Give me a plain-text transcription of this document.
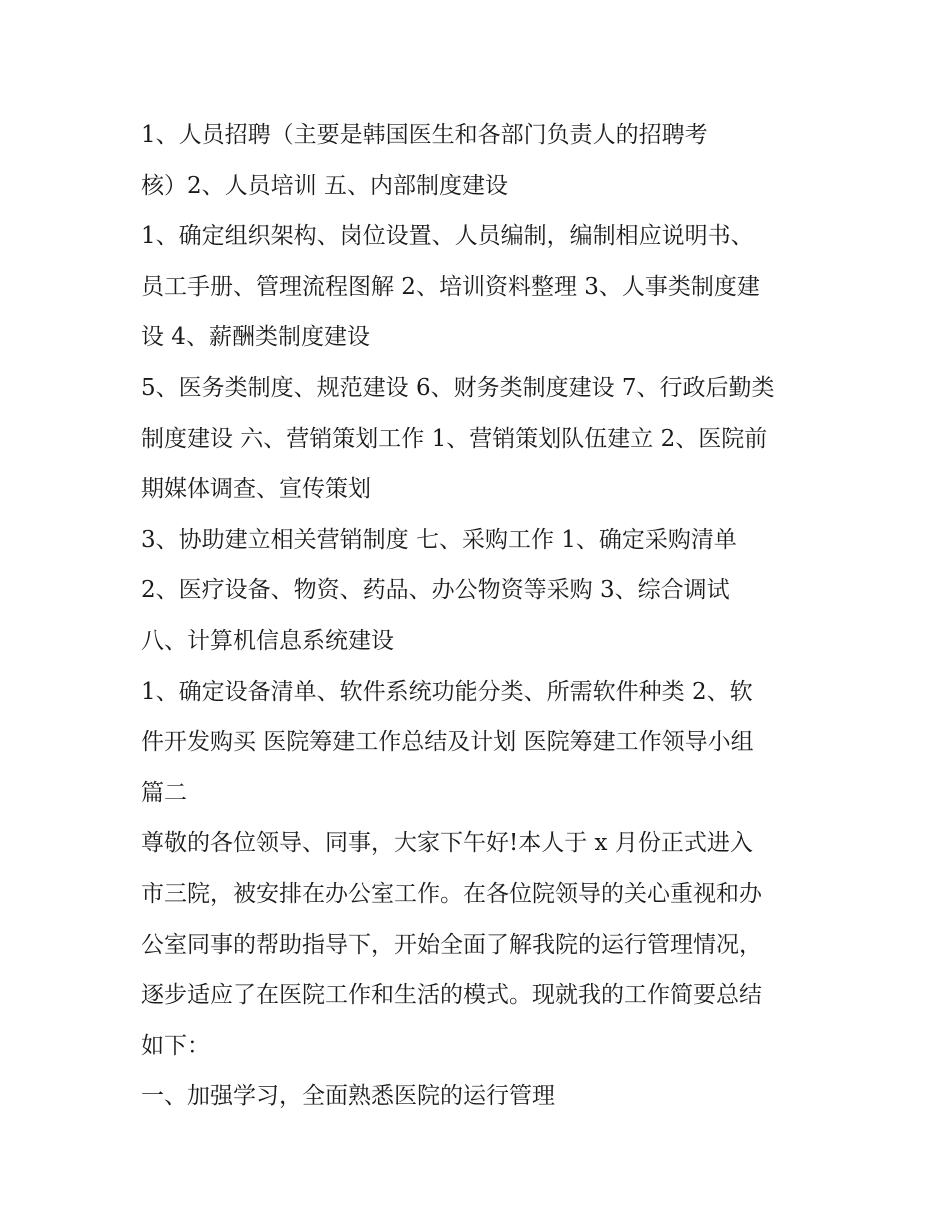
1、人员招聘（主要是韩国医生和各部门负责人的招聘考
核）2、人员培训 五、内部制度建设
1、确定组织架构、岗位设置、人员编制，编制相应说明书、
员工手册、管理流程图解 2、培训资料整理 3、人事类制度建
设 4、薪酬类制度建设
5、医务类制度、规范建设 6、财务类制度建设 7、行政后勤类
制度建设 六、营销策划工作 1、营销策划队伍建立 2、医院前
期媒体调查、宣传策划
3、协助建立相关营销制度 七、采购工作 1、确定采购清单
2、医疗设备、物资、药品、办公物资等采购 3、综合调试
八、计算机信息系统建设
1、确定设备清单、软件系统功能分类、所需软件种类 2、软
件开发购买 医院筹建工作总结及计划 医院筹建工作领导小组
篇二
尊敬的各位领导、同事，大家下午好!本人于 x 月份正式进入
市三院，被安排在办公室工作。在各位院领导的关心重视和办
公室同事的帮助指导下，开始全面了解我院的运行管理情况，
逐步适应了在医院工作和生活的模式。现就我的工作简要总结
如下：
一、加强学习，全面熟悉医院的运行管理
